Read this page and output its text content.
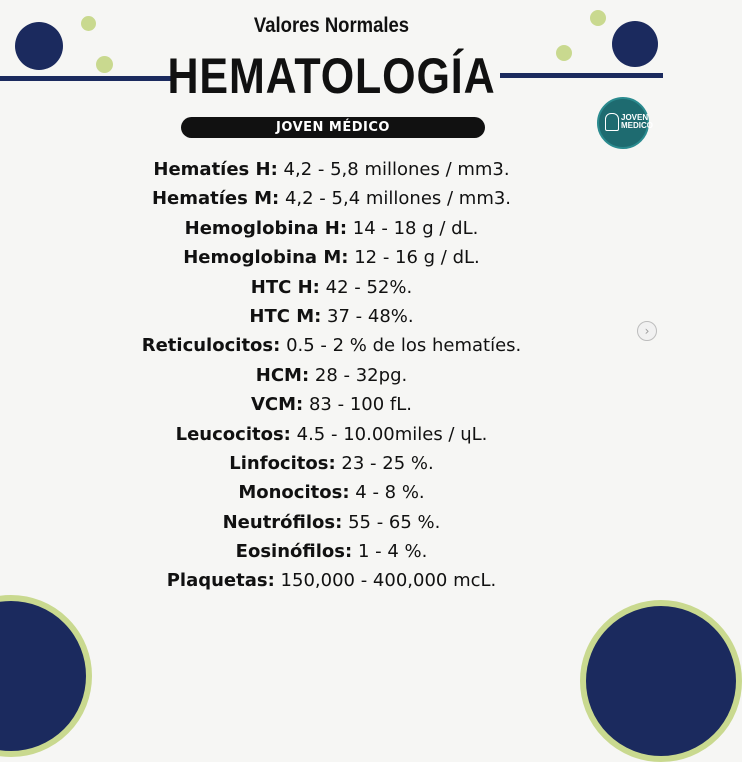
Valores Normales
HEMATOLOGÍA
JOVEN MÉDICO
JOVEN
MEDICO
Hematíes H: 4,2 - 5,8 millones / mm3.
Hematíes M: 4,2 - 5,4 millones / mm3.
Hemoglobina H: 14 - 18 g / dL.
Hemoglobina M: 12 - 16 g / dL.
HTC H: 42 - 52%.
HTC M: 37 - 48%.
Reticulocitos: 0.5 - 2 % de los hematíes.
HCM: 28 - 32pg.
VCM: 83 - 100 fL.
Leucocitos: 4.5 - 10.00miles / ɥL.
Linfocitos: 23 - 25 %.
Monocitos: 4 - 8 %.
Neutrófilos: 55 - 65 %.
Eosinófilos: 1 - 4 %.
Plaquetas: 150,000 - 400,000 mcL.
›
